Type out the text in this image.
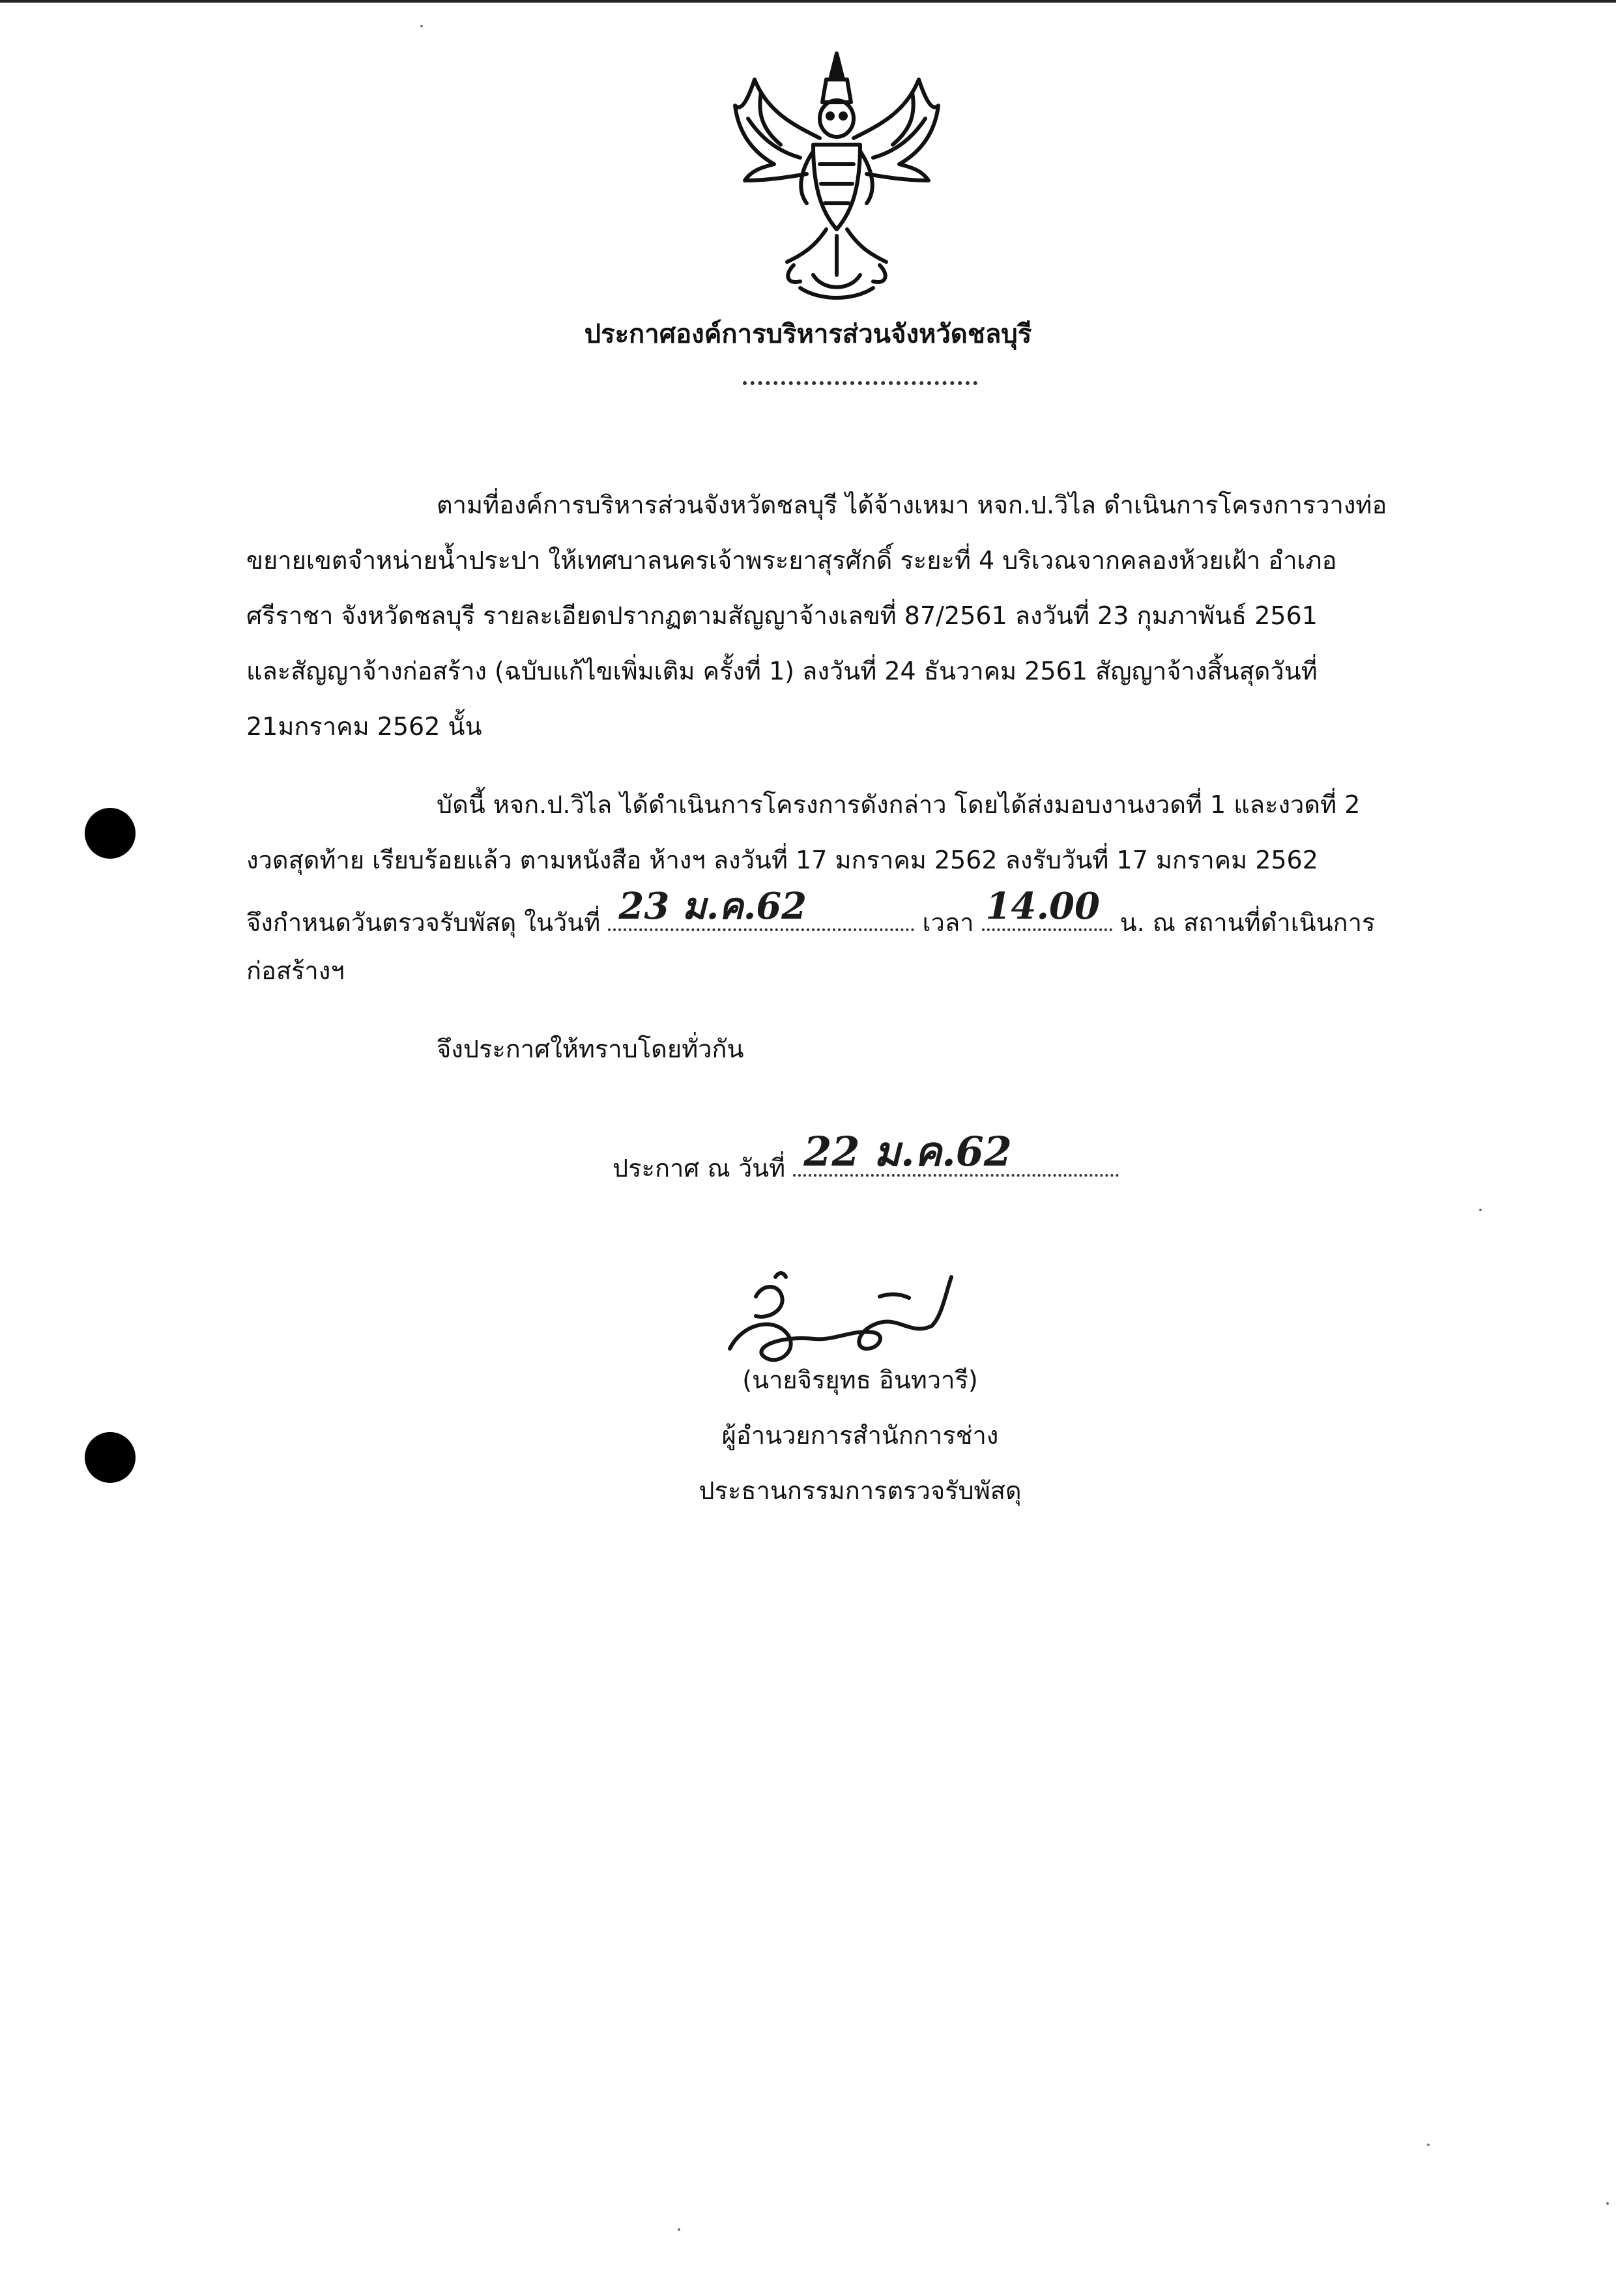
ประกาศองค์การบริหารส่วนจังหวัดชลบุรี
ตามที่องค์การบริหารส่วนจังหวัดชลบุรี ได้จ้างเหมา หจก.ป.วิไล ดำเนินการโครงการวางท่อ
ขยายเขตจำหน่ายน้ำประปา ให้เทศบาลนครเจ้าพระยาสุรศักดิ์ ระยะที่ 4 บริเวณจากคลองห้วยเฝ้า อำเภอ
ศรีราชา จังหวัดชลบุรี รายละเอียดปรากฏตามสัญญาจ้างเลขที่ 87/2561 ลงวันที่ 23 กุมภาพันธ์ 2561
และสัญญาจ้างก่อสร้าง (ฉบับแก้ไขเพิ่มเติม ครั้งที่ 1) ลงวันที่ 24 ธันวาคม 2561 สัญญาจ้างสิ้นสุดวันที่
21มกราคม 2562 นั้น
บัดนี้ หจก.ป.วิไล ได้ดำเนินการโครงการดังกล่าว โดยได้ส่งมอบงานงวดที่ 1 และงวดที่ 2
งวดสุดท้าย เรียบร้อยแล้ว ตามหนังสือ ห้างฯ ลงวันที่ 17 มกราคม 2562 ลงรับวันที่ 17 มกราคม 2562
จึงกำหนดวันตรวจรับพัสดุ ในวันที่ 23 ม.ค.62	เวลา 14.00 น. ณ สถานที่ดำเนินการ
ก่อสร้างฯ
จึงประกาศให้ทราบโดยทั่วกัน
ประกาศ ณ วันที่ 22 ม.ค.62
(นายจิรยุทธ อินทวารี)
ผู้อำนวยการสำนักการช่าง
ประธานกรรมการตรวจรับพัสดุ
